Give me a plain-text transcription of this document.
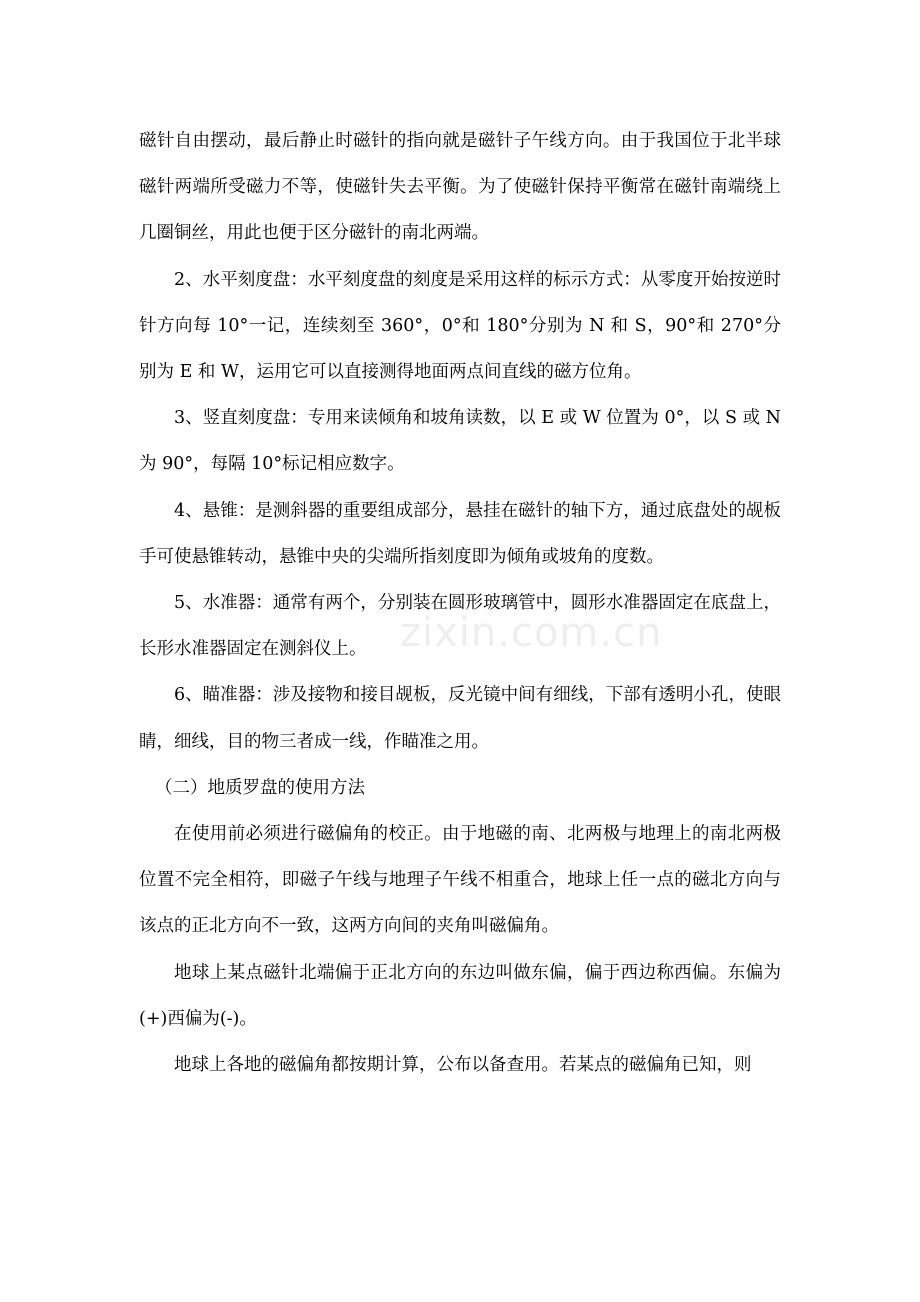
磁针自由摆动，最后静止时磁针的指向就是磁针子午线方向。由于我国位于北半球磁针两端所受磁力不等，使磁针失去平衡。为了使磁针保持平衡常在磁针南端绕上几圈铜丝，用此也便于区分磁针的南北两端。

2、水平刻度盘：水平刻度盘的刻度是采用这样的标示方式：从零度开始按逆时针方向每 10°一记，连续刻至 360°，0°和 180°分别为 N 和 S，90°和 270°分别为 E 和 W，运用它可以直接测得地面两点间直线的磁方位角。

3、竖直刻度盘：专用来读倾角和坡角读数，以 E 或 W 位置为 0°，以 S 或 N 为 90°，每隔 10°标记相应数字。

4、悬锥：是测斜器的重要组成部分，悬挂在磁针的轴下方，通过底盘处的觇板手可使悬锥转动，悬锥中央的尖端所指刻度即为倾角或坡角的度数。

5、水准器：通常有两个，分别装在圆形玻璃管中，圆形水准器固定在底盘上，长形水准器固定在测斜仪上。

6、瞄准器：涉及接物和接目觇板，反光镜中间有细线，下部有透明小孔，使眼睛，细线，目的物三者成一线，作瞄准之用。

（二）地质罗盘的使用方法

在使用前必须进行磁偏角的校正。由于地磁的南、北两极与地理上的南北两极位置不完全相符，即磁子午线与地理子午线不相重合，地球上任一点的磁北方向与该点的正北方向不一致，这两方向间的夹角叫磁偏角。

地球上某点磁针北端偏于正北方向的东边叫做东偏，偏于西边称西偏。东偏为(+)西偏为(-)。

地球上各地的磁偏角都按期计算，公布以备查用。若某点的磁偏角已知，则

zixin.com.cn
